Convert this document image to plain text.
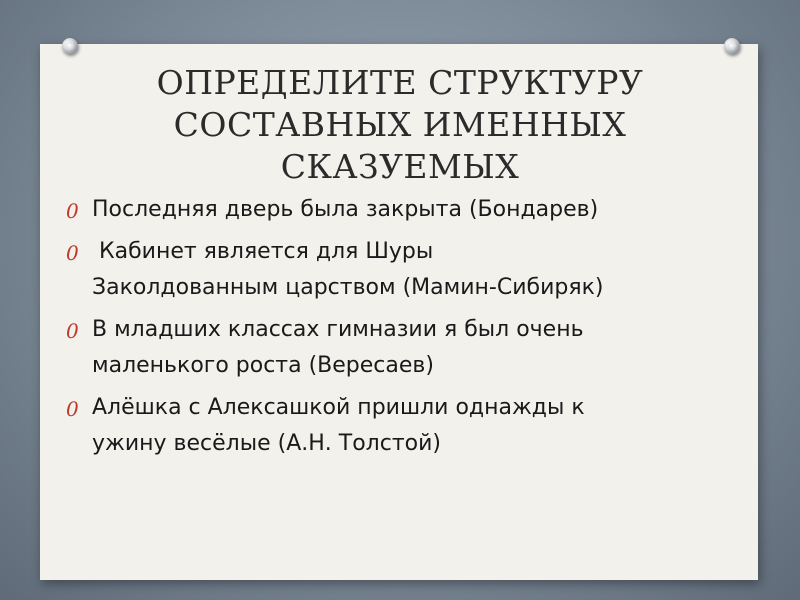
ОПРЕДЕЛИТЕ СТРУКТУРУ
СОСТАВНЫХ ИМЕННЫХ
СКАЗУЕМЫХ
0 Последняя дверь была закрыта (Бондарев)
0 Кабинет является для Шуры
Заколдованным царством (Мамин-Сибиряк)
0 В младших классах гимназии я был очень
маленького роста (Вересаев)
0 Алёшка с Алексашкой пришли однажды к
ужину весёлые (А.Н. Толстой)
